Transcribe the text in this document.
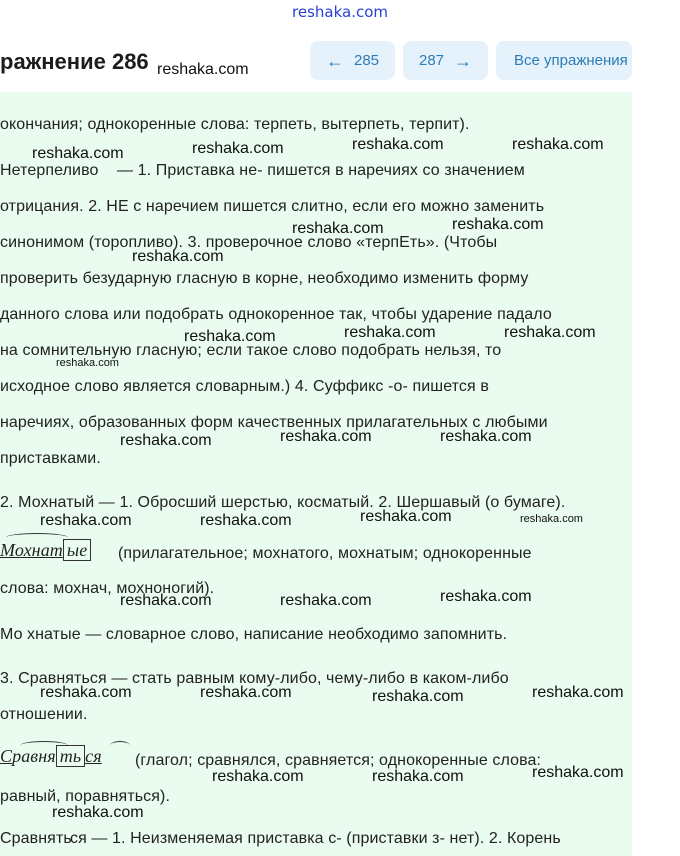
reshaka.com
ражнение 286	← 285	287 →	Все упражнения
окончания; однокоренные слова: терпеть, вытерпеть, терпит).
Нетерпеливо — 1. Приставка не- пишется в наречиях со значением
отрицания. 2. НЕ с наречием пишется слитно, если его можно заменить
синонимом (торопливо). 3. проверочное слово «терпЕть». (Чтобы
проверить безударную гласную в корне, необходимо изменить форму
данного слова или подобрать однокоренное так, чтобы ударение падало
на сомнительную гласную; если такое слово подобрать нельзя, то
исходное слово является словарным.) 4. Суффикс -о- пишется в
наречиях, образованных форм качественных прилагательных с любыми
приставками.
2. Мохнатый — 1. Обросший шерстью, косматый. 2. Шершавый (о бумаге).
Мохнат ые (прилагательное; мохнатого, мохнатым; однокоренные
слова: мохнач, мохноногий).
Мо хнатые — словарное слово, написание необходимо запомнить.
3. Сравняться — стать равным кому-либо, чему-либо в каком-либо
отношении.
Сравня ть ся (глагол; сравнялся, сравняется; однокоренные слова:
равный, поравняться).
Сравнять
ся — 1. Неизменяемая приставка с- (приставки з- нет). 2. Корень
reshaka.com
reshaka.com	reshaka.com	reshaka.com
reshaka.com
reshaka.com	reshaka.com
reshaka.com
reshaka.com	reshaka.com	reshaka.com
reshaka.com
reshaka.com	reshaka.com	reshaka.com
reshaka.com	reshaka.com	reshaka.com	reshaka.com
reshaka.com	reshaka.com	reshaka.com
reshaka.com	reshaka.com	reshaka.com	reshaka.com
reshaka.com	reshaka.com	reshaka.com
reshaka.com
